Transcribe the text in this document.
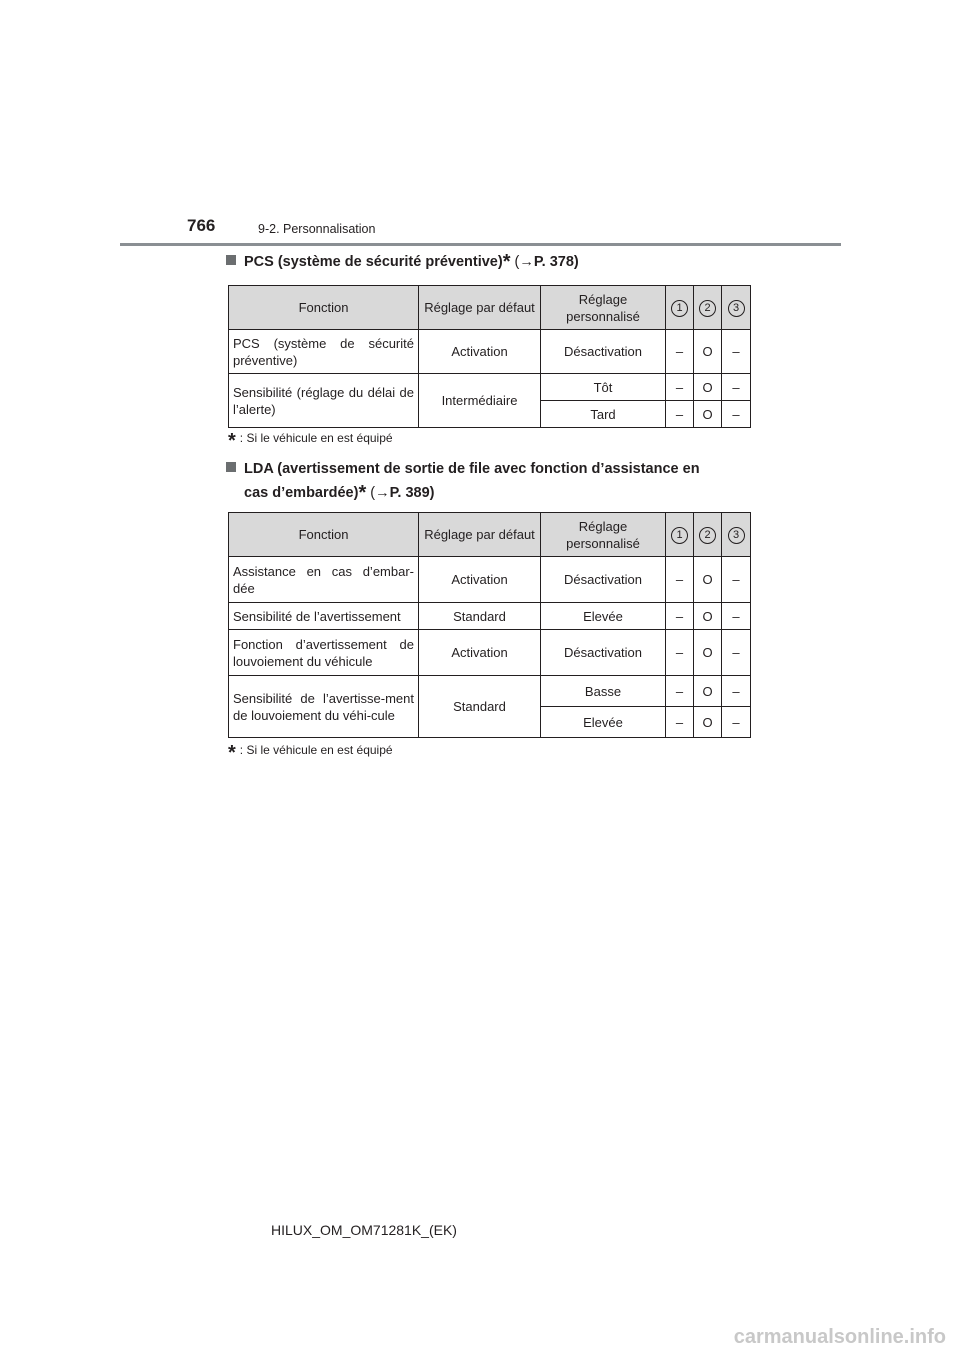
766	9-2. Personnalisation
PCS (système de sécurité préventive)* (→P. 378)
Fonction	Réglage par défaut	Réglage personnalisé	1	2	3
PCS (système de sécurité préventive)	Activation	Désactivation	–	O	–
Sensibilité (réglage du délai de l’alerte)	Intermédiaire	Tôt	–	O	–
		Tard	–	O	–
* : Si le véhicule en est équipé
LDA (avertissement de sortie de file avec fonction d’assistance en
cas d’embardée)* (→P. 389)
Fonction	Réglage par défaut	Réglage personnalisé	1	2	3
Assistance en cas d’embar-dée	Activation	Désactivation	–	O	–
Sensibilité de l’avertissement	Standard	Elevée	–	O	–
Fonction d’avertissement de louvoiement du véhicule	Activation	Désactivation	–	O	–
Sensibilité de l’avertisse-ment de louvoiement du véhi-cule	Standard	Basse	–	O	–
		Elevée	–	O	–
* : Si le véhicule en est équipé
HILUX_OM_OM71281K_(EK)
carmanualsonline.info
